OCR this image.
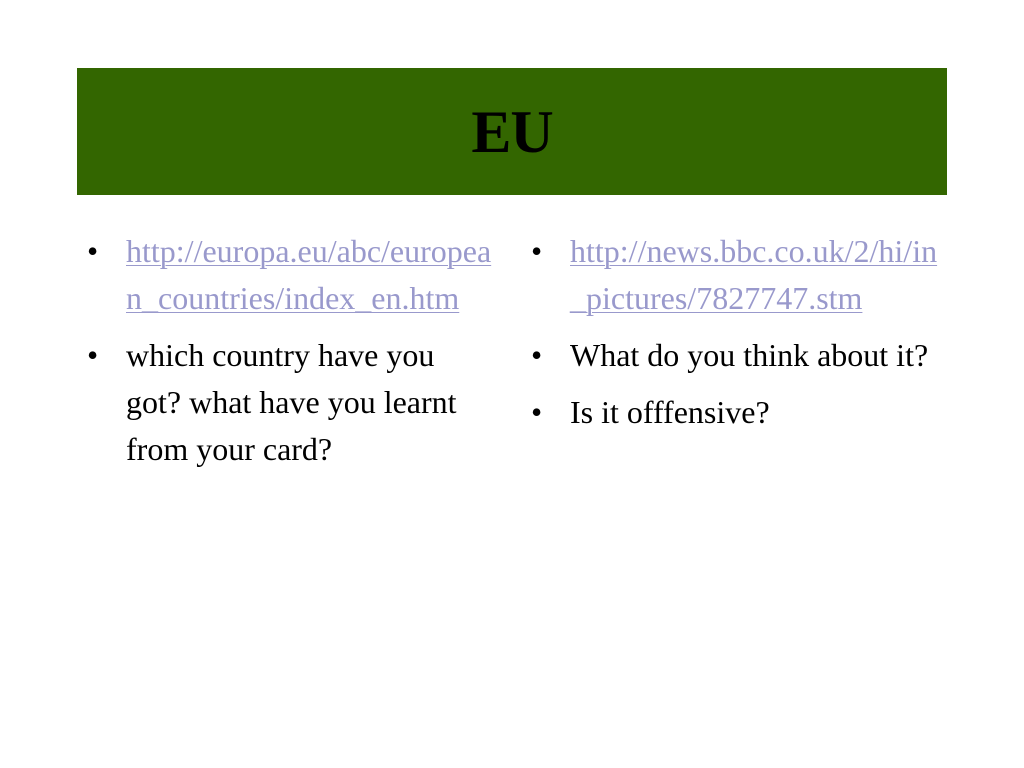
EU
• http://europa.eu/abc/european_countries/index_en.htm
• which country have you got? what have you learnt from your card?
• http://news.bbc.co.uk/2/hi/in_pictures/7827747.stm
• What do you think about it?
• Is it offfensive?
